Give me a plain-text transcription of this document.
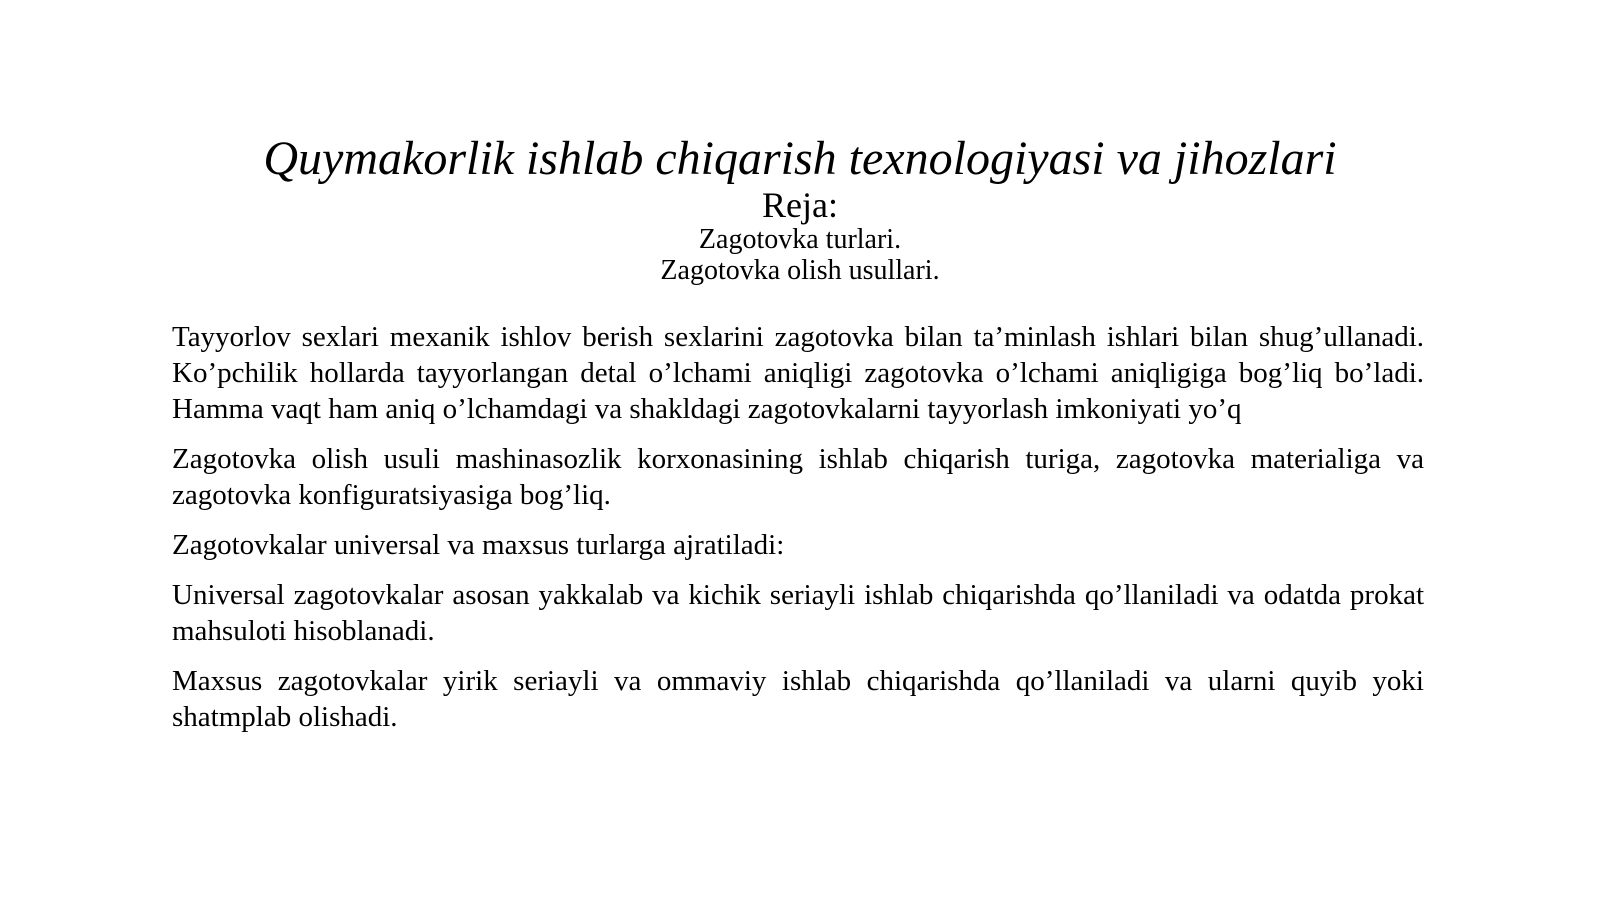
Quymakorlik ishlab chiqarish texnologiyasi va jihozlari
Reja:
Zagotovka turlari.
Zagotovka olish usullari.

Tayyorlov sexlari mexanik ishlov berish sexlarini zagotovka bilan ta’minlash ishlari bilan shug’ullanadi. Ko’pchilik hollarda tayyorlangan detal o’lchami aniqligi zagotovka o’lchami aniqligiga bog’liq bo’ladi. Hamma vaqt ham aniq o’lchamdagi va shakldagi zagotovkalarni tayyorlash imkoniyati yo’q

Zagotovka olish usuli mashinasozlik korxonasining ishlab chiqarish turiga, zagotovka materialiga va zagotovka konfiguratsiyasiga bog’liq.

Zagotovkalar universal va maxsus turlarga ajratiladi:

Universal zagotovkalar asosan yakkalab va kichik seriayli ishlab chiqarishda qo’llaniladi va odatda prokat mahsuloti hisoblanadi.

Maxsus zagotovkalar yirik seriayli va ommaviy ishlab chiqarishda qo’llaniladi va ularni quyib yoki shatmplab olishadi.
